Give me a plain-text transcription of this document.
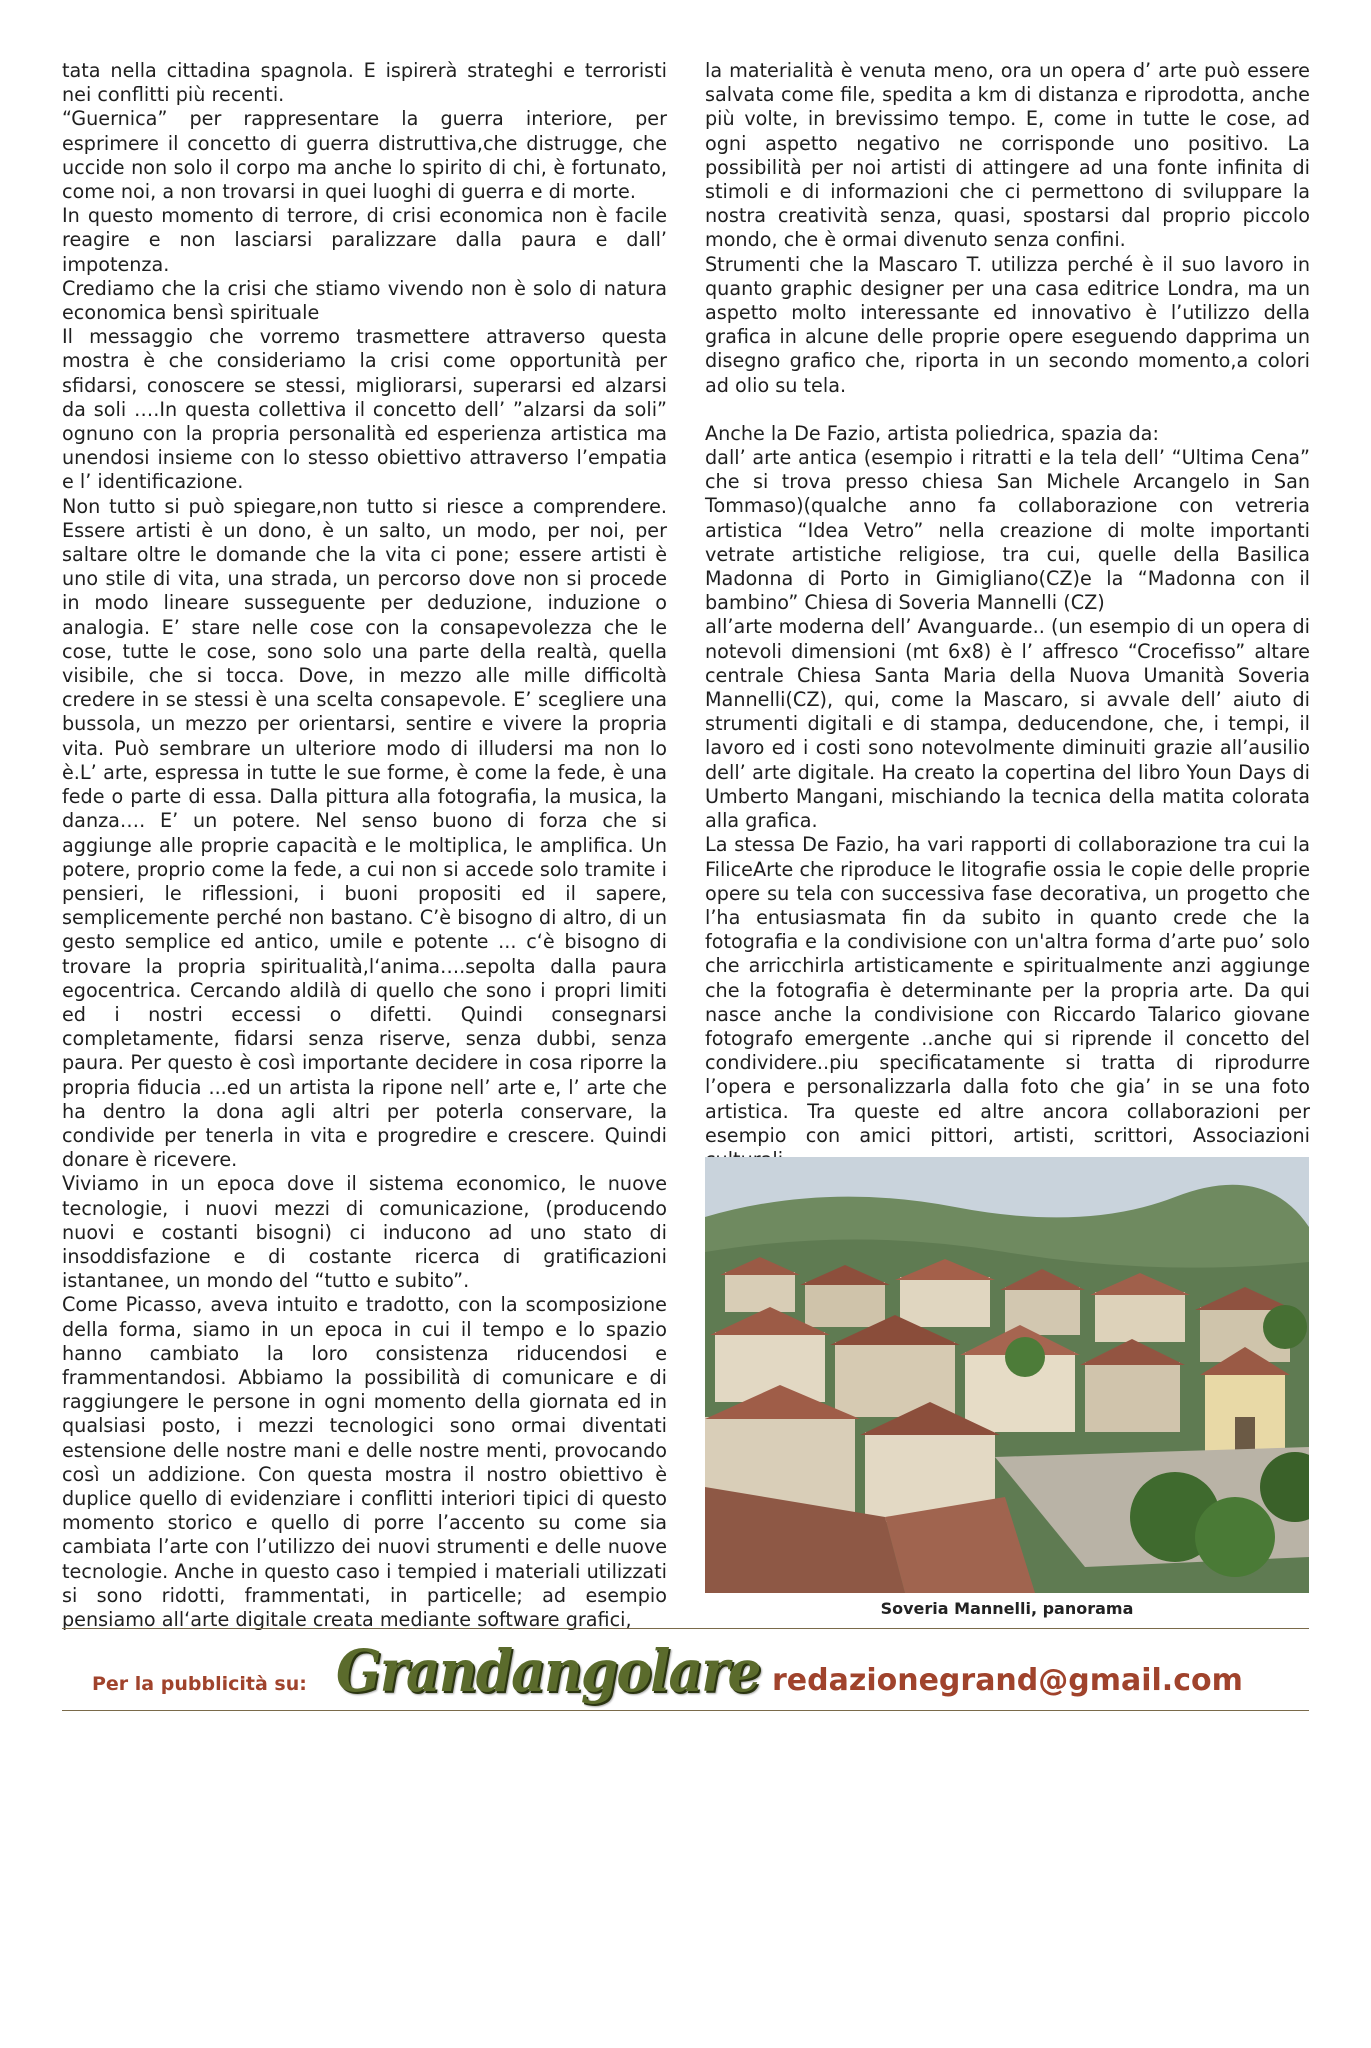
tata nella cittadina spagnola. E ispirerà strateghi e terroristi nei conflitti più recenti.

“Guernica” per rappresentare la guerra interiore, per esprimere il concetto di guerra distruttiva,che distrugge, che uccide non solo il corpo ma anche lo spirito di chi, è fortunato, come noi, a non trovarsi in quei luoghi di guerra e di morte.

In questo momento di terrore, di crisi economica non è facile reagire e non lasciarsi paralizzare dalla paura e dall’ impotenza.

Crediamo che la crisi che stiamo vivendo non è solo di natura economica bensì spirituale

Il messaggio che vorremo trasmettere attraverso questa mostra è che consideriamo la crisi come opportunità per sfidarsi, conoscere se stessi, migliorarsi, superarsi ed alzarsi da soli ….In questa collettiva il concetto dell’ ”alzarsi da soli” ognuno con la propria personalità ed esperienza artistica ma unendosi insieme con lo stesso obiettivo attraverso l’empatia e l’ identificazione.

Non tutto si può spiegare,non tutto si riesce a comprendere. Essere artisti è un dono, è un salto, un modo, per noi, per saltare oltre le domande che la vita ci pone; essere artisti è uno stile di vita, una strada, un percorso dove non si procede in modo lineare susseguente per deduzione, induzione o analogia. E’ stare nelle cose con la consapevolezza che le cose, tutte le cose, sono solo una parte della realtà, quella visibile, che si tocca. Dove, in mezzo alle mille difficoltà credere in se stessi è una scelta consapevole. E’ scegliere una bussola, un mezzo per orientarsi, sentire e vivere la propria vita. Può sembrare un ulteriore modo di illudersi ma non lo è.L’ arte, espressa in tutte le sue forme, è come la fede, è una fede o parte di essa. Dalla pittura alla fotografia, la musica, la danza…. E’ un potere. Nel senso buono di forza che si aggiunge alle proprie capacità e le moltiplica, le amplifica. Un potere, proprio come la fede, a cui non si accede solo tramite i pensieri, le riflessioni, i buoni propositi ed il sapere, semplicemente perché non bastano. C’è bisogno di altro, di un gesto semplice ed antico, umile e potente ... c‘è bisogno di trovare la propria spiritualità,l‘anima….sepolta dalla paura egocentrica. Cercando aldilà di quello che sono i propri limiti ed i nostri eccessi o difetti. Quindi consegnarsi completamente, fidarsi senza riserve, senza dubbi, senza paura. Per questo è così importante decidere in cosa riporre la propria fiducia ...ed un artista la ripone nell’ arte e, l’ arte che ha dentro la dona agli altri per poterla conservare, la condivide per tenerla in vita e progredire e crescere. Quindi donare è ricevere.

Viviamo in un epoca dove il sistema economico, le nuove tecnologie, i nuovi mezzi di comunicazione, (producendo nuovi e costanti bisogni) ci inducono ad uno stato di insoddisfazione e di costante ricerca di gratificazioni istantanee, un mondo del “tutto e subito”.

Come Picasso, aveva intuito e tradotto, con la scomposizione della forma, siamo in un epoca in cui il tempo e lo spazio hanno cambiato la loro consistenza riducendosi e frammentandosi. Abbiamo la possibilità di comunicare e di raggiungere le persone in ogni momento della giornata ed in qualsiasi posto, i mezzi tecnologici sono ormai diventati estensione delle nostre mani e delle nostre menti, provocando così un addizione. Con questa mostra il nostro obiettivo è duplice quello di evidenziare i conflitti interiori tipici di questo momento storico e quello di porre l’accento su come sia cambiata l’arte con l’utilizzo dei nuovi strumenti e delle nuove tecnologie. Anche in questo caso i tempied i materiali utilizzati si sono ridotti, frammentati, in particelle; ad esempio pensiamo all‘arte digitale creata mediante software grafici,

la materialità è venuta meno, ora un opera d’ arte può essere salvata come file, spedita a km di distanza e riprodotta, anche più volte, in brevissimo tempo. E, come in tutte le cose, ad ogni aspetto negativo ne corrisponde uno positivo. La possibilità per noi artisti di attingere ad una fonte infinita di stimoli e di informazioni che ci permettono di sviluppare la nostra creatività senza, quasi, spostarsi dal proprio piccolo mondo, che è ormai divenuto senza confini.

Strumenti che la Mascaro T. utilizza perché è il suo lavoro in quanto graphic designer per una casa editrice Londra, ma un aspetto molto interessante ed innovativo è l’utilizzo della grafica in alcune delle proprie opere eseguendo dapprima un disegno grafico che, riporta in un secondo momento,a colori ad olio su tela.

Anche la De Fazio, artista poliedrica, spazia da:

dall’ arte antica (esempio i ritratti e la tela dell’ “Ultima Cena” che si trova presso chiesa San Michele Arcangelo in San Tommaso)(qualche anno fa collaborazione con vetreria artistica “Idea Vetro” nella creazione di molte importanti vetrate artistiche religiose, tra cui, quelle della Basilica Madonna di Porto in Gimigliano(CZ)e la “Madonna con il bambino” Chiesa di Soveria Mannelli (CZ)

all’arte moderna dell’ Avanguarde.. (un esempio di un opera di notevoli dimensioni (mt 6x8) è l’ affresco “Crocefisso” altare centrale Chiesa Santa Maria della Nuova Umanità Soveria Mannelli(CZ), qui, come la Mascaro, si avvale dell’ aiuto di strumenti digitali e di stampa, deducendone, che, i tempi, il lavoro ed i costi sono notevolmente diminuiti grazie all’ausilio dell’ arte digitale. Ha creato la copertina del libro Youn Days di Umberto Mangani, mischiando la tecnica della matita colorata alla grafica.

La stessa De Fazio, ha vari rapporti di collaborazione tra cui la FiliceArte che riproduce le litografie ossia le copie delle proprie opere su tela con successiva fase decorativa, un progetto che l’ha entusiasmata fin da subito in quanto crede che la fotografia e la condivisione con un'altra forma d’arte puo’ solo che arricchirla artisticamente e spiritualmente anzi aggiunge che la fotografia è determinante per la propria arte. Da qui nasce anche la condivisione con Riccardo Talarico giovane fotografo emergente ..anche qui si riprende il concetto del condividere..piu specificatamente si tratta di riprodurre l’opera e personalizzarla dalla foto che gia’ in se una foto artistica. Tra queste ed altre ancora collaborazioni per esempio con amici pittori, artisti, scrittori, Associazioni

Soveria Mannelli, panorama
Per la pubblicità su: Grandangolare redazionegrand@gmail.com
